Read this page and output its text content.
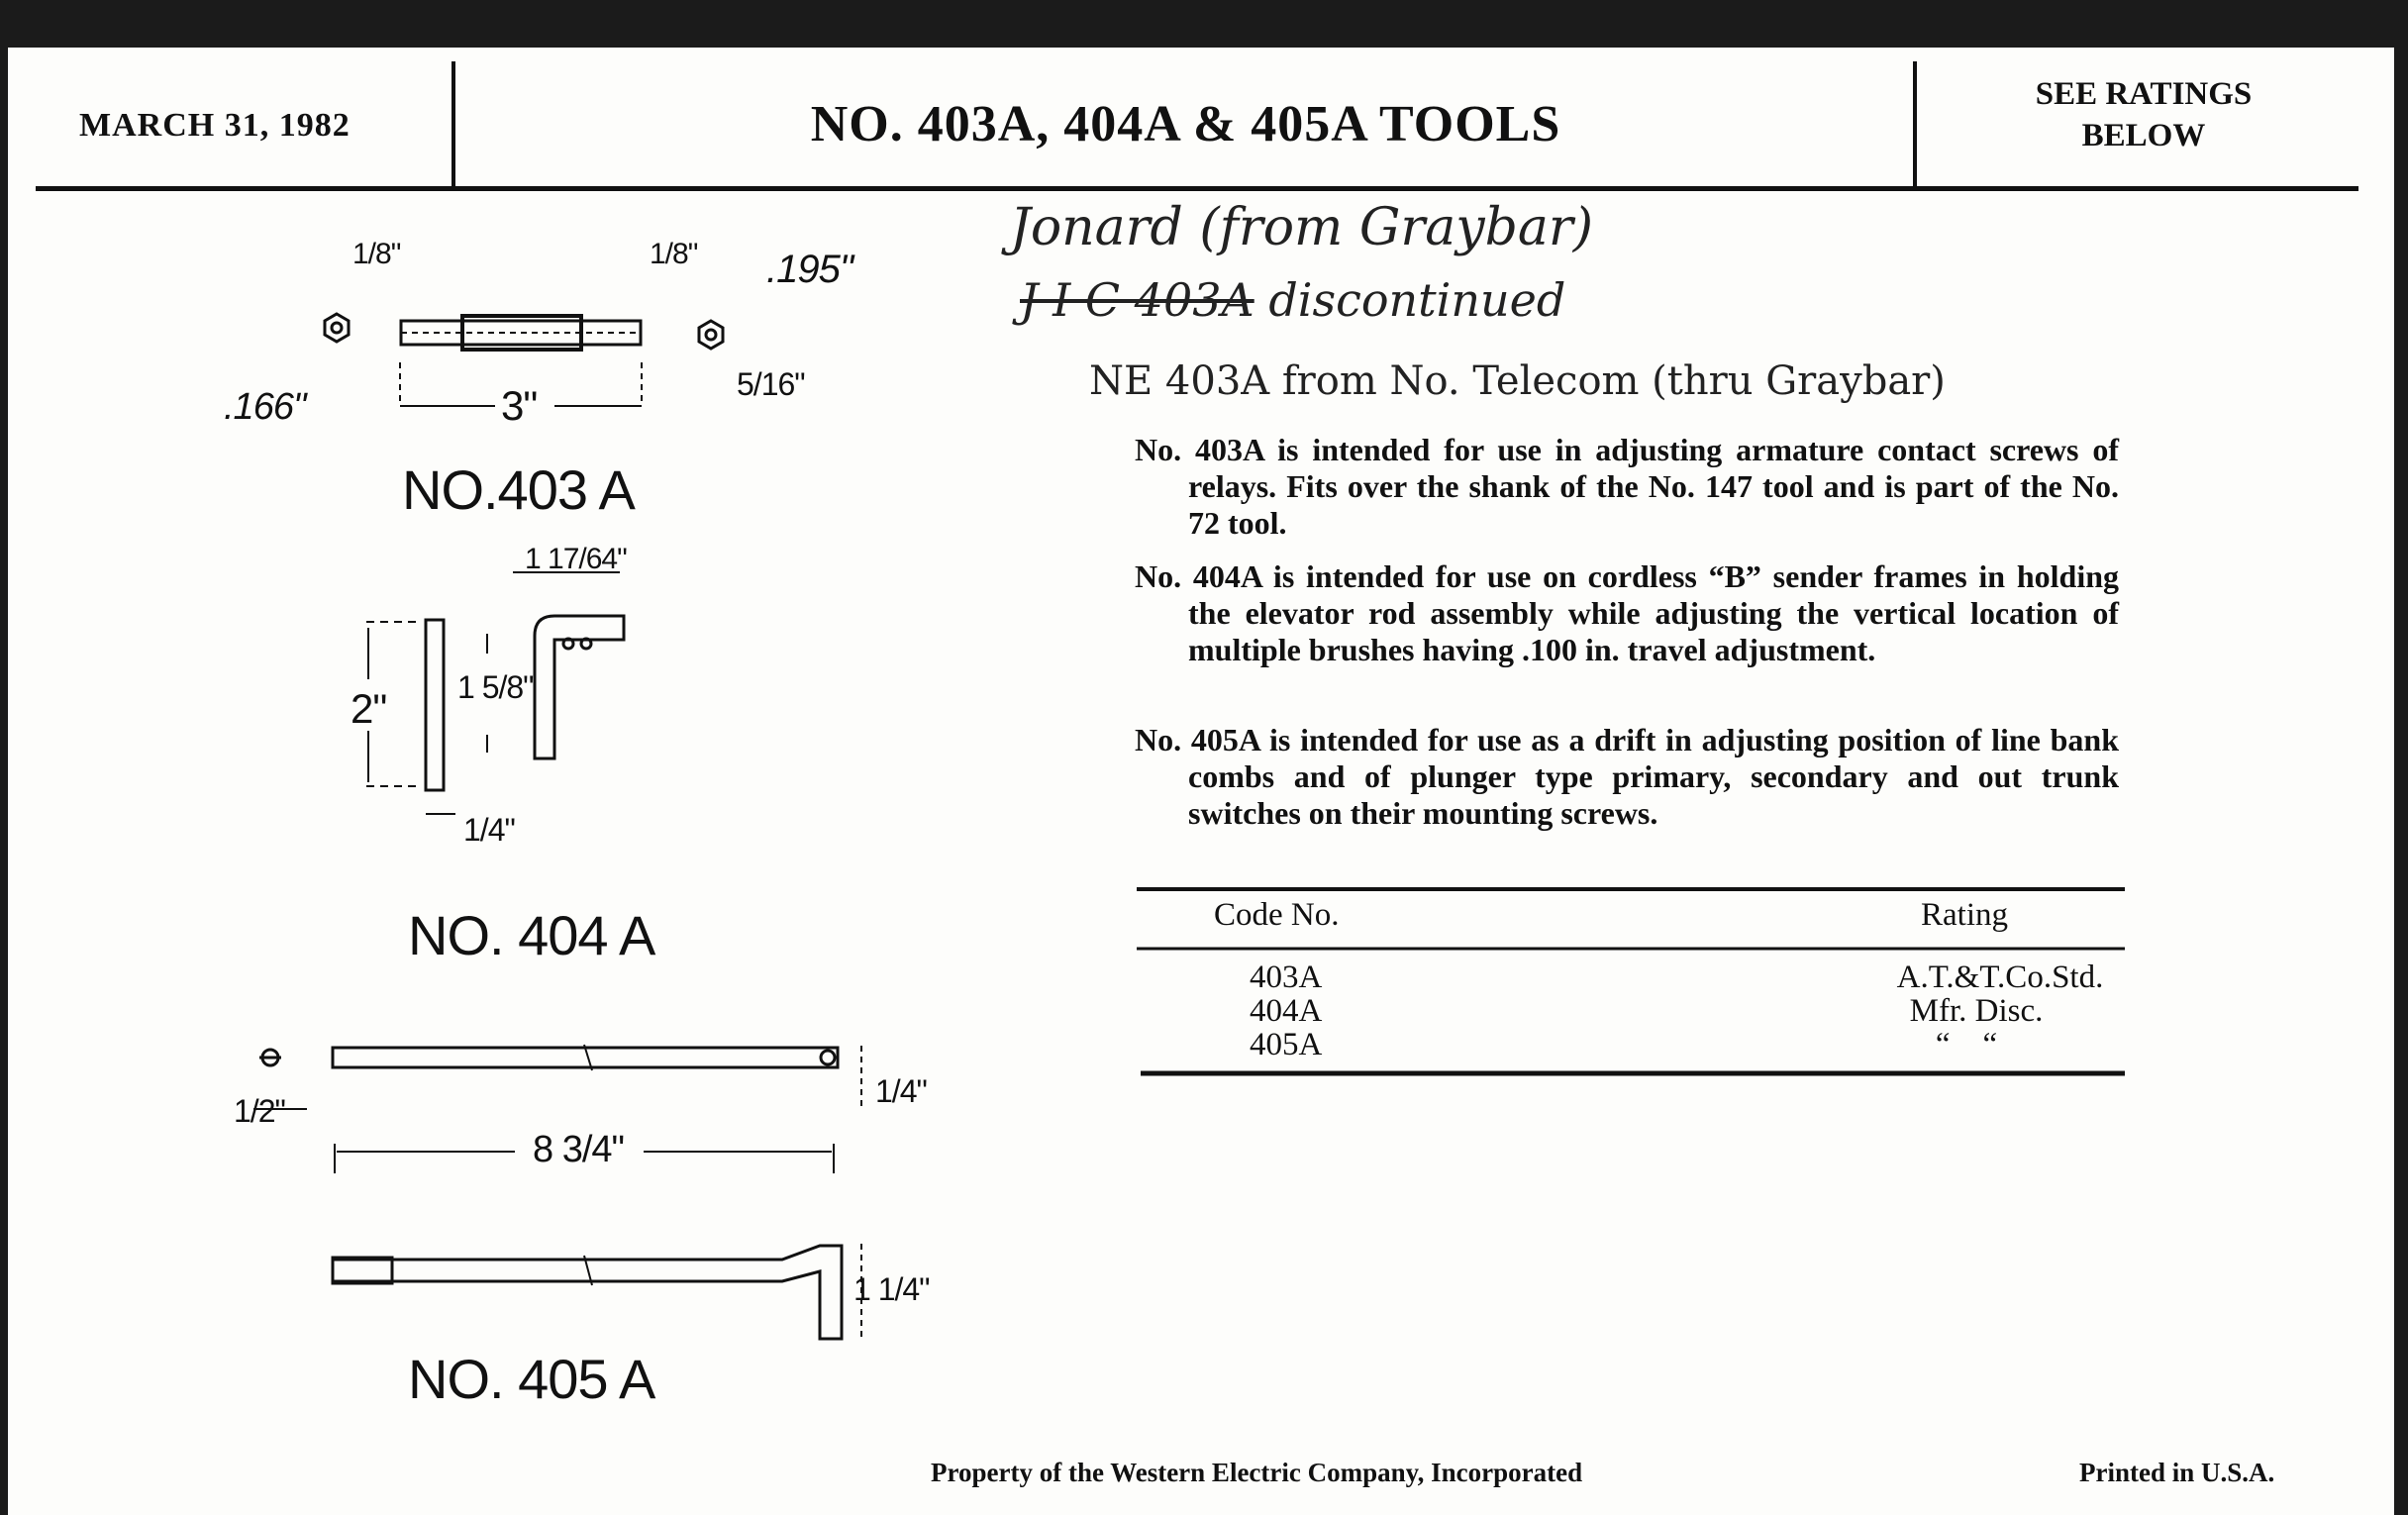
MARCH 31, 1982	NO. 403A, 404A & 405A TOOLS
SEE RATINGS
BELOW
Jonard (from Graybar)
J I C 403A discontinued
NE 403A from No. Telecom (thru Graybar)
1/8"	1/8" .195"
.166"	3"	5/16"
NO.403 A
1 17/64"
2" 1 5/8"
1/4"
NO. 404 A
1/2"
8 3/4"
1/4"
1 1/4"
NO. 405 A
No. 403A is intended for use in adjusting armature contact screws of relays. Fits over the shank of the No. 147 tool and is part of the No. 72 tool.
No. 404A is intended for use on cordless “B” sender frames in holding the elevator rod assembly while adjusting the vertical location of multiple brushes having .100 in. travel adjustment.
No. 405A is intended for use as a drift in adjusting position of line bank combs and of plunger type primary, secondary and out trunk switches on their mounting screws.
Code No.	Rating
403A	A.T.&T.Co.Std.
404A	Mfr. Disc.
405A	“    “
Property of the Western Electric Company, Incorporated	Printed in U.S.A.
